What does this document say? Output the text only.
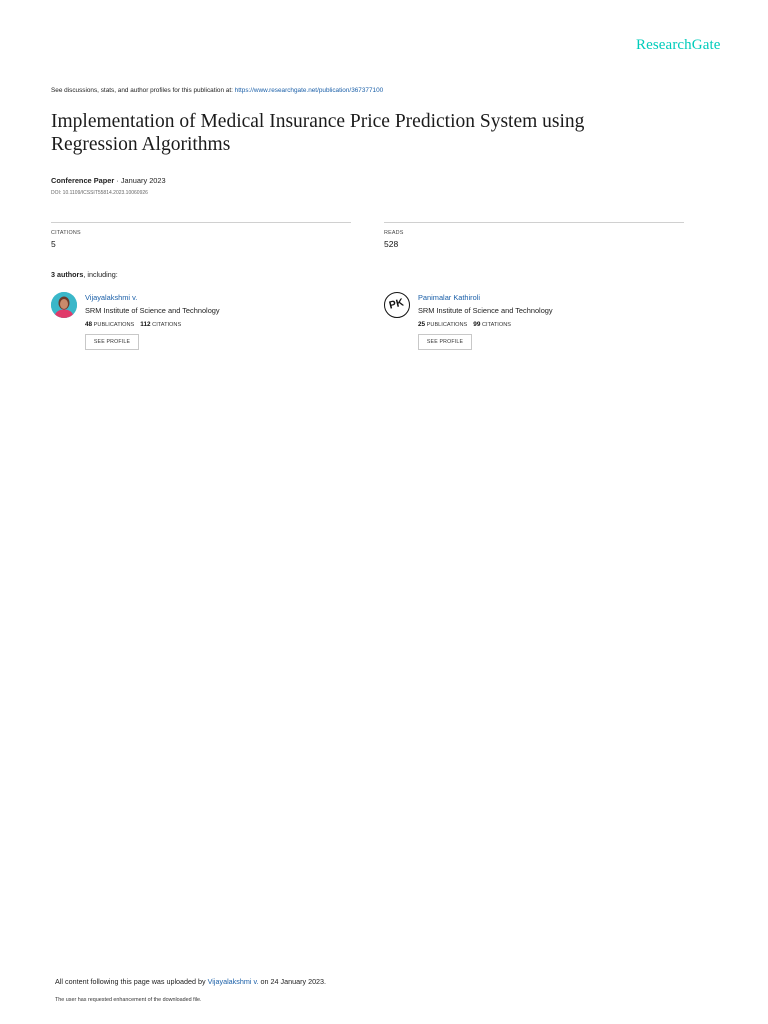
ResearchGate
See discussions, stats, and author profiles for this publication at: https://www.researchgate.net/publication/367377100
Implementation of Medical Insurance Price Prediction System using
Regression Algorithms
Conference Paper · January 2023
DOI: 10.1109/ICSSIT55814.2023.10060926
CITATIONS
5
READS
528
3 authors, including:
Vijayalakshmi v.
SRM Institute of Science and Technology
48 PUBLICATIONS 112 CITATIONS
SEE PROFILE
PK	Panimalar Kathiroli
SRM Institute of Science and Technology
25 PUBLICATIONS 99 CITATIONS
SEE PROFILE
All content following this page was uploaded by Vijayalakshmi v. on 24 January 2023.
The user has requested enhancement of the downloaded file.
